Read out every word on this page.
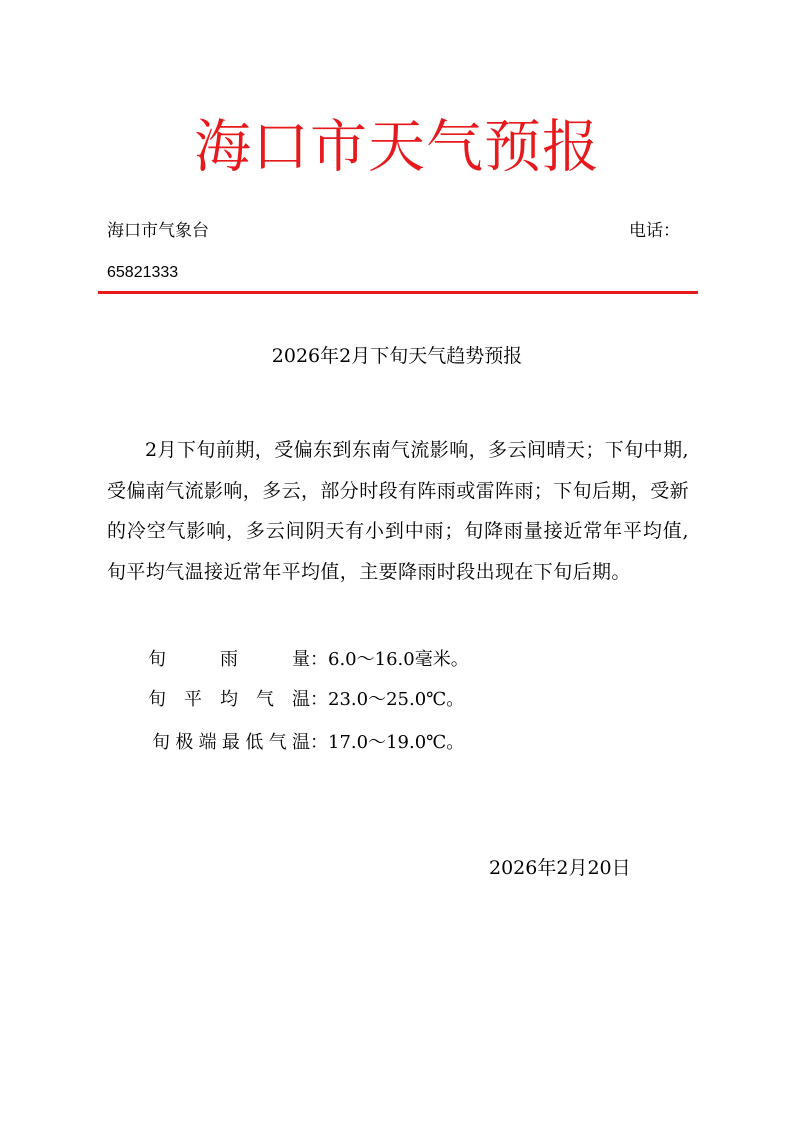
海口市天气预报
海口市气象台	电话：
65821333
2026年2月下旬天气趋势预报
2月下旬前期，受偏东到东南气流影响，多云间晴天；下旬中期,受偏南气流影响，多云，部分时段有阵雨或雷阵雨；下旬后期，受新的冷空气影响，多云间阴天有小到中雨；旬降雨量接近常年平均值,旬平均气温接近常年平均值，主要降雨时段出现在下旬后期。
旬雨量：6.0～16.0毫米。
旬平均气温：23.0～25.0℃。
旬极端最低气温：17.0～19.0℃。
2026年2月20日
